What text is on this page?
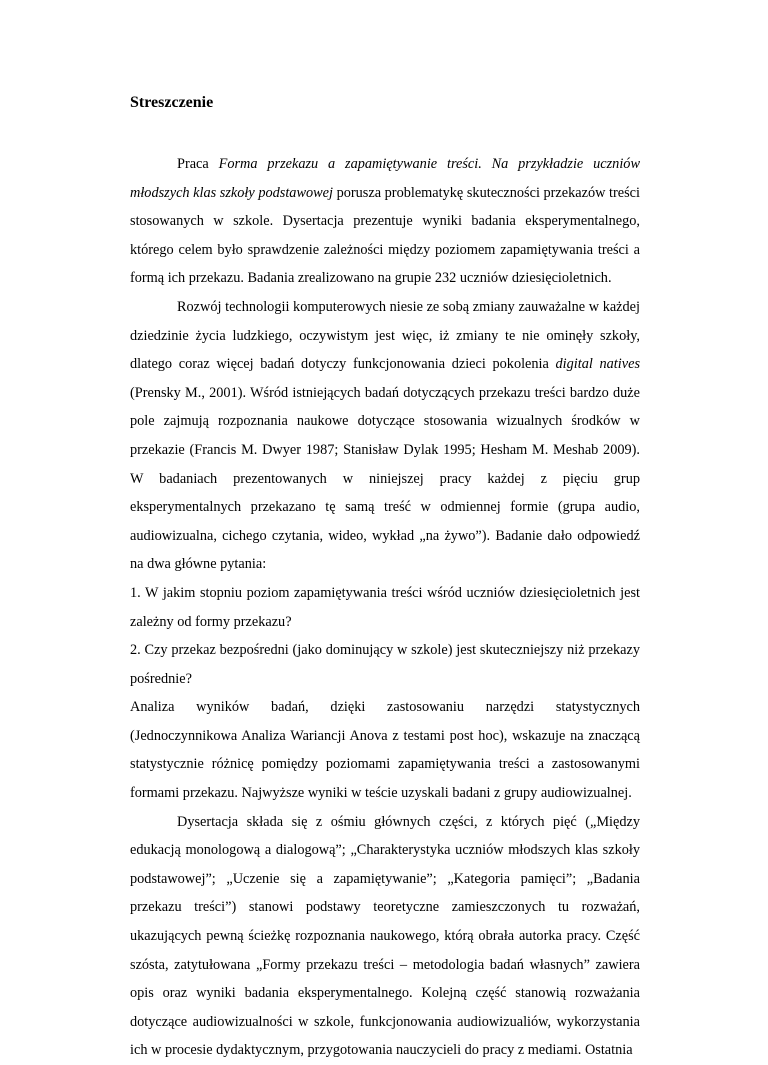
Streszczenie

Praca Forma przekazu a zapamiętywanie treści. Na przykładzie uczniów młodszych klas szkoły podstawowej porusza problematykę skuteczności przekazów treści stosowanych w szkole. Dysertacja prezentuje wyniki badania eksperymentalnego, którego celem było sprawdzenie zależności między poziomem zapamiętywania treści a formą ich przekazu. Badania zrealizowano na grupie 232 uczniów dziesięcioletnich.

Rozwój technologii komputerowych niesie ze sobą zmiany zauważalne w każdej dziedzinie życia ludzkiego, oczywistym jest więc, iż zmiany te nie ominęły szkoły, dlatego coraz więcej badań dotyczy funkcjonowania dzieci pokolenia digital natives (Prensky M., 2001). Wśród istniejących badań dotyczących przekazu treści bardzo duże pole zajmują rozpoznania naukowe dotyczące stosowania wizualnych środków w przekazie (Francis M. Dwyer 1987; Stanisław Dylak 1995; Hesham M. Meshab 2009). W badaniach prezentowanych w niniejszej pracy każdej z pięciu grup eksperymentalnych przekazano tę samą treść w odmiennej formie (grupa audio, audiowizualna, cichego czytania, wideo, wykład „na żywo”). Badanie dało odpowiedź na dwa główne pytania:

1. W jakim stopniu poziom zapamiętywania treści wśród uczniów dziesięcioletnich jest zależny od formy przekazu?

2. Czy przekaz bezpośredni (jako dominujący w szkole) jest skuteczniejszy niż przekazy pośrednie?

Analiza wyników badań, dzięki zastosowaniu narzędzi statystycznych

(Jednoczynnikowa Analiza Wariancji Anova z testami post hoc), wskazuje na znaczącą statystycznie różnicę pomiędzy poziomami zapamiętywania treści a zastosowanymi formami przekazu. Najwyższe wyniki w teście uzyskali badani z grupy audiowizualnej.

Dysertacja składa się z ośmiu głównych części, z których pięć („Między edukacją monologową a dialogową”; „Charakterystyka uczniów młodszych klas szkoły podstawowej”; „Uczenie się a zapamiętywanie”; „Kategoria pamięci”; „Badania przekazu treści”) stanowi podstawy teoretyczne zamieszczonych tu rozważań, ukazujących pewną ścieżkę rozpoznania naukowego, którą obrała autorka pracy. Część szósta, zatytułowana „Formy przekazu treści – metodologia badań własnych” zawiera opis oraz wyniki badania eksperymentalnego. Kolejną część stanowią rozważania dotyczące audiowizualności w szkole, funkcjonowania audiowizualiów, wykorzystania ich w procesie dydaktycznym, przygotowania nauczycieli do pracy z mediami. Ostatnia
